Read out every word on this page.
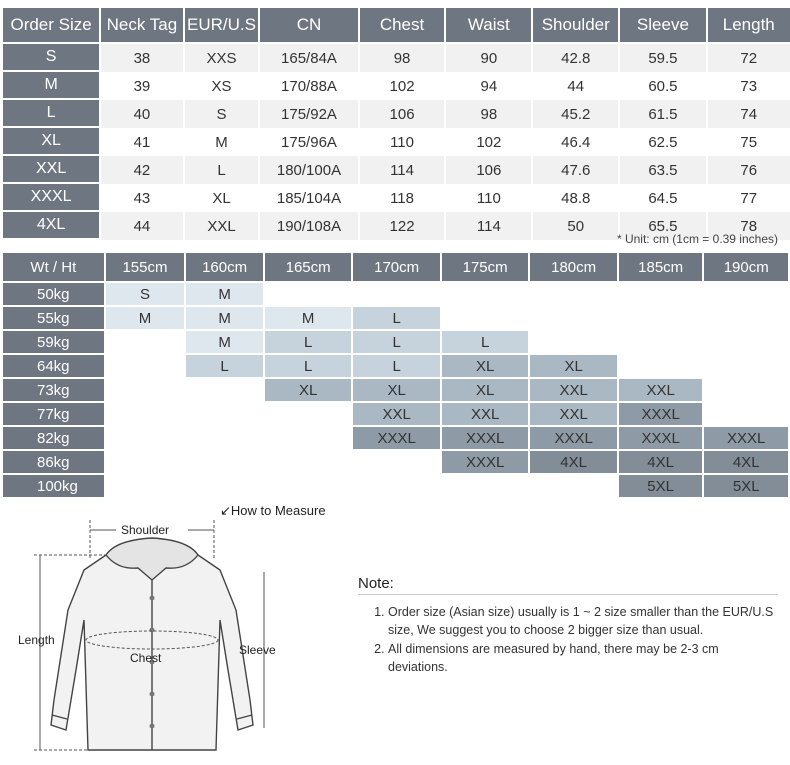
Order Size	Neck Tag	EUR/U.S	CN	Chest	Waist	Shoulder	Sleeve	Length
S	38	XXS	165/84A	98	90	42.8	59.5	72
M	39	XS	170/88A	102	94	44	60.5	73
L	40	S	175/92A	106	98	45.2	61.5	74
XL	41	M	175/96A	110	102	46.4	62.5	75
XXL	42	L	180/100A	114	106	47.6	63.5	76
XXXL	43	XL	185/104A	118	110	48.8	64.5	77
4XL	44	XXL	190/108A	122	114	50	65.5	78
* Unit: cm (1cm = 0.39 inches)
Wt / Ht	155cm	160cm	165cm	170cm	175cm	180cm	185cm	190cm
50kg	S	M						
55kg	M	M	M	L				
59kg		M	L	L	L			
64kg		L	L	L	XL	XL		
73kg			XL	XL	XL	XXL	XXL	
77kg				XXL	XXL	XXL	XXXL	
82kg				XXXL	XXXL	XXXL	XXXL	XXXL
86kg					XXXL	4XL	4XL	4XL
100kg							5XL	5XL
↙How to Measure
Shoulder
Length
Chest
Sleeve
Note:
1. Order size (Asian size) usually is 1 ~ 2 size smaller than the EUR/U.S size, We suggest you to choose 2 bigger size than usual.
2. All dimensions are measured by hand, there may be 2-3 cm deviations.
